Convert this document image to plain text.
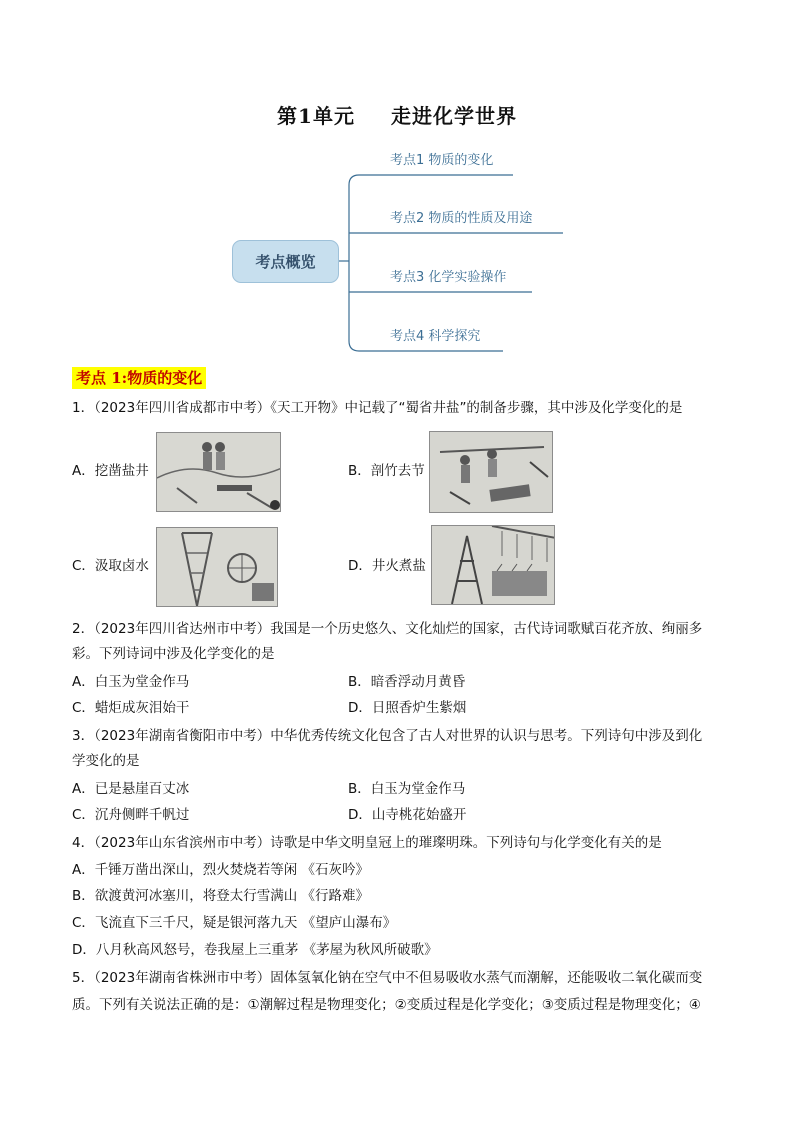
第1单元 走进化学世界
考点概览
考点1 物质的变化
考点2 物质的性质及用途
考点3 化学实验操作
考点4 科学探究
考点 1:物质的变化
1．（2023年四川省成都市中考）《天工开物》中记载了“蜀省井盐”的制备步骤，其中涉及化学变化的是
A．挖凿盐井	B．剖竹去节
C．汲取卤水	D．井火煮盐
2．（2023年四川省达州市中考）我国是一个历史悠久、文化灿烂的国家，古代诗词歌赋百花齐放、绚丽多
彩。下列诗词中涉及化学变化的是
A．白玉为堂金作马	B．暗香浮动月黄昏
C．蜡炬成灰泪始干	D．日照香炉生紫烟
3．（2023年湖南省衡阳市中考）中华优秀传统文化包含了古人对世界的认识与思考。下列诗句中涉及到化
学变化的是
A．已是悬崖百丈冰	B．白玉为堂金作马
C．沉舟侧畔千帆过	D．山寺桃花始盛开
4．（2023年山东省滨州市中考）诗歌是中华文明皇冠上的璀璨明珠。下列诗句与化学变化有关的是
A．千锤万凿出深山，烈火焚烧若等闲 《石灰吟》
B．欲渡黄河冰塞川，将登太行雪满山 《行路难》
C．飞流直下三千尺，疑是银河落九天 《望庐山瀑布》
D．八月秋高风怒号，卷我屋上三重茅 《茅屋为秋风所破歌》
5．（2023年湖南省株洲市中考）固体氢氧化钠在空气中不但易吸收水蒸气而潮解，还能吸收二氧化碳而变
质。下列有关说法正确的是：①潮解过程是物理变化；②变质过程是化学变化；③变质过程是物理变化；④
